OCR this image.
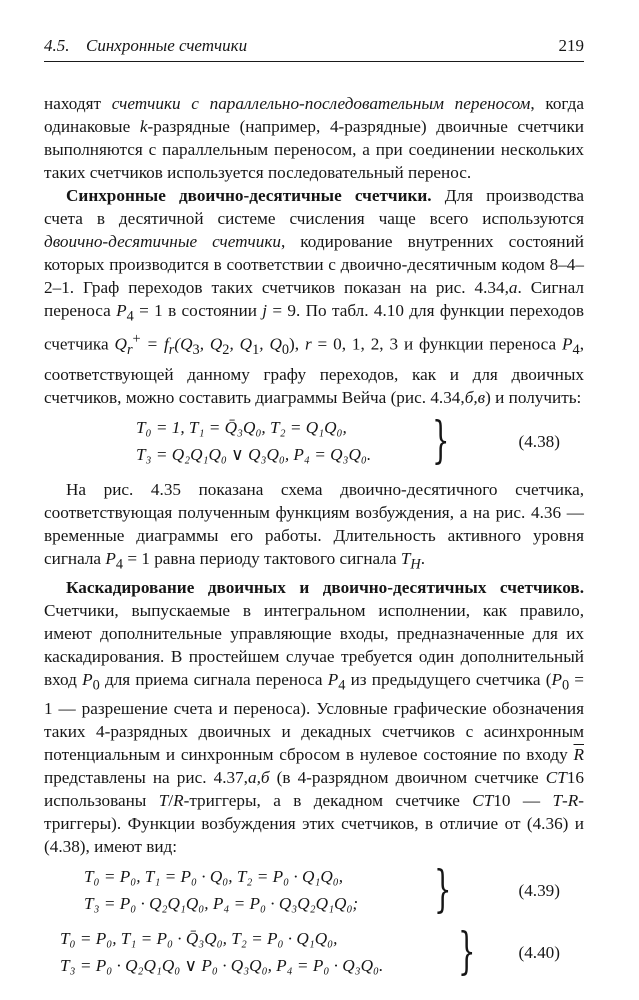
4.5. Синхронные счетчики	219

находят счетчики с параллельно-последовательным переносом, когда одинаковые k-разрядные (например, 4-разрядные) двоичные счетчики выполняются с параллельным переносом, а при соединении нескольких таких счетчиков используется последовательный перенос.

Синхронные двоично-десятичные счетчики. Для производства счета в десятичной системе счисления чаще всего используются двоично-десятичные счетчики, кодирование внутренних состояний которых производится в соответствии с двоично-десятичным кодом 8–4–2–1. Граф переходов таких счетчиков показан на рис. 4.34,а. Сигнал переноса $P_4 = 1$ в состоянии j = 9. По табл. 4.10 для функции переходов счетчика $Q_r^+ = f_r(Q_3$, $Q_2$, $Q_1$, $Q_0$), r = 0, 1, 2, 3 и функции переноса $P_4$, соответствующей данному графу переходов, как и для двоичных счетчиков, можно составить диаграммы Вейча (рис. 4.34,б,в) и получить:

T₀ = 1, T₁ = Q̄₃Q₀, T₂ = Q₁Q₀,
T₃ = Q₂Q₁Q₀ ∨ Q₃Q₀, P₄ = Q₃Q₀. }	(4.38)

На рис. 4.35 показана схема двоично-десятичного счетчика, соответствующая полученным функциям возбуждения, а на рис. 4.36 — временные диаграммы его работы. Длительность активного уровня сигнала $P_4 = 1$ равна периоду тактового сигнала $T_H$.

Каскадирование двоичных и двоично-десятичных счетчиков. Счетчики, выпускаемые в интегральном исполнении, как правило, имеют дополнительные управляющие входы, предназначенные для их каскадирования. В простейшем случае требуется один дополнительный вход $P_0$ для приема сигнала переноса $P_4$ из предыдущего счетчика ($P_0 = 1$ — разрешение счета и переноса). Условные графические обозначения таких 4-разрядных двоичных и декадных счетчиков с асинхронным потенциальным и синхронным сбросом в нулевое состояние по входу $\overline{R}$ представлены на рис. 4.37,а,б (в 4-разрядном двоичном счетчике CT16 использованы T/R-триггеры, а в декадном счетчике CT10 — T-R-триггеры). Функции возбуждения этих счетчиков, в отличие от (4.36) и (4.38), имеют вид:

T₀ = P₀, T₁ = P₀ · Q₀, T₂ = P₀ · Q₁Q₀,
T₃ = P₀ · Q₂Q₁Q₀, P₄ = P₀ · Q₃Q₂Q₁Q₀; }	(4.39)
T₀ = P₀, T₁ = P₀ · Q̄₃Q₀, T₂ = P₀ · Q₁Q₀,
T₃ = P₀ · Q₂Q₁Q₀ ∨ P₀ · Q₃Q₀, P₄ = P₀ · Q₃Q₀. } (4.40)
